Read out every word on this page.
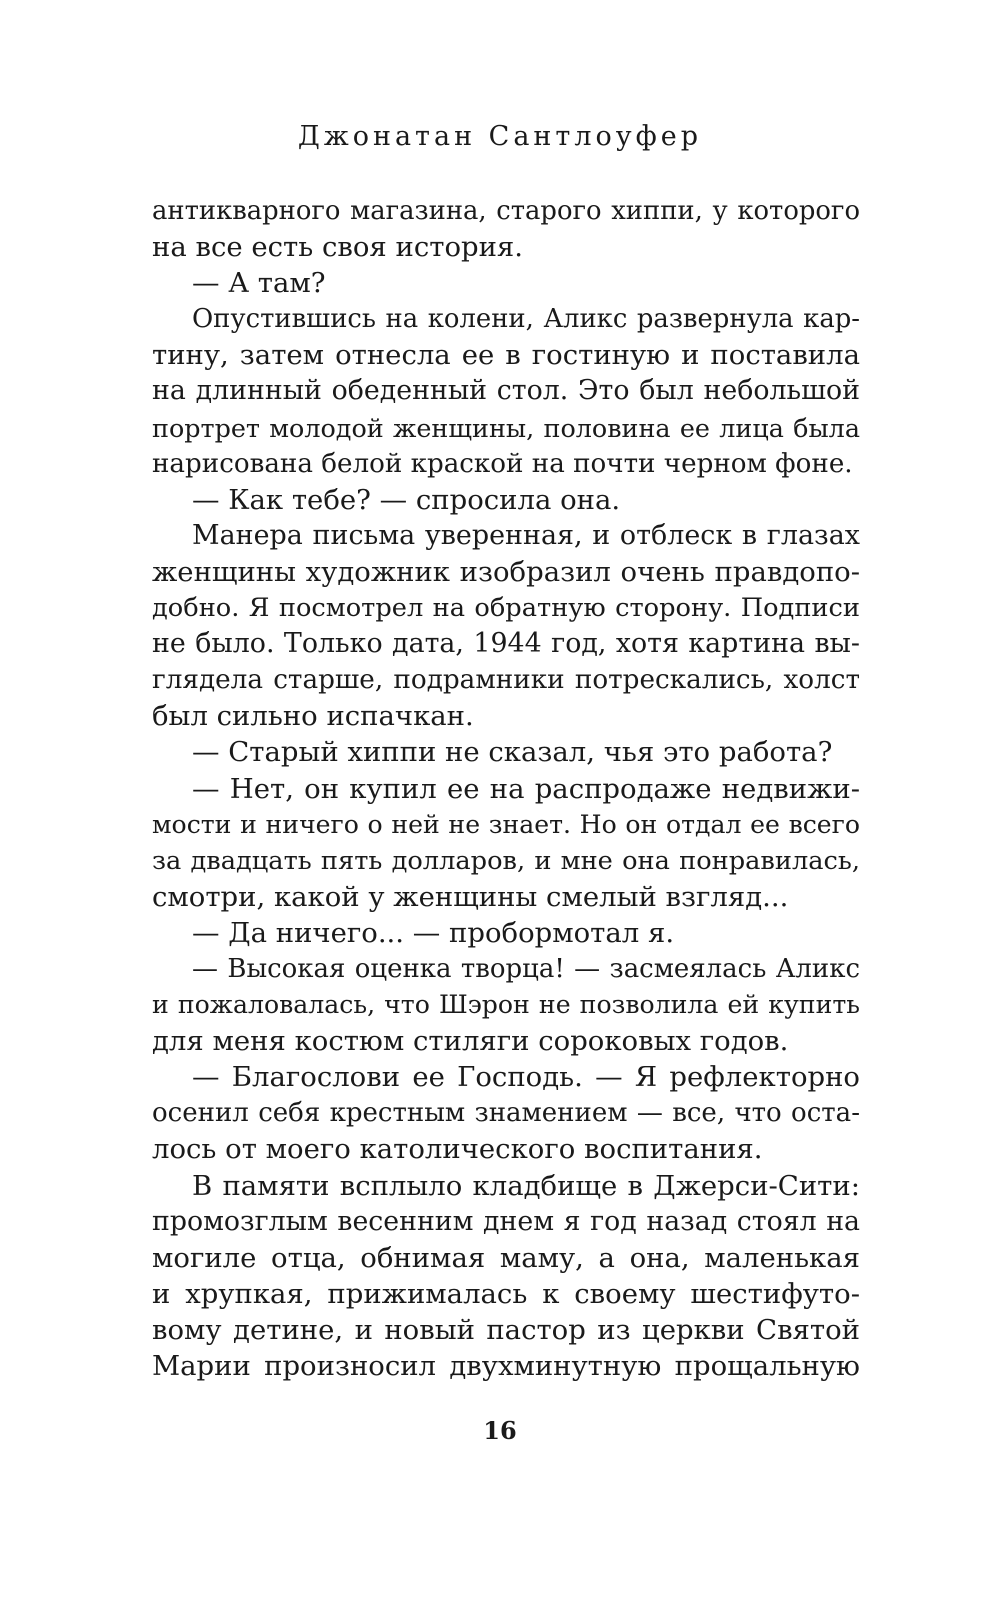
Джонатан Сантлоуфер
антикварного магазина, старого хиппи, у которого
на все есть своя история.
— А там?
Опустившись на колени, Аликс развернула кар-
тину, затем отнесла ее в гостиную и поставила
на длинный обеденный стол. Это был небольшой
портрет молодой женщины, половина ее лица была
нарисована белой краской на почти черном фоне.
— Как тебе? — спросила она.
Манера письма уверенная, и отблеск в глазах
женщины художник изобразил очень правдопо-
добно. Я посмотрел на обратную сторону. Подписи
не было. Только дата, 1944 год, хотя картина вы-
глядела старше, подрамники потрескались, холст
был сильно испачкан.
— Старый хиппи не сказал, чья это работа?
— Нет, он купил ее на распродаже недвижи-
мости и ничего о ней не знает. Но он отдал ее всего
за двадцать пять долларов, и мне она понравилась,
смотри, какой у женщины смелый взгляд...
— Да ничего... — пробормотал я.
— Высокая оценка творца! — засмеялась Аликс
и пожаловалась, что Шэрон не позволила ей купить
для меня костюм стиляги сороковых годов.
— Благослови ее Господь. — Я рефлекторно
осенил себя крестным знамением — все, что оста-
лось от моего католического воспитания.
В памяти всплыло кладбище в Джерси-Сити:
промозглым весенним днем я год назад стоял на
могиле отца, обнимая маму, а она, маленькая
и хрупкая, прижималась к своему шестифуто-
вому детине, и новый пастор из церкви Святой
Марии произносил двухминутную прощальную
16
